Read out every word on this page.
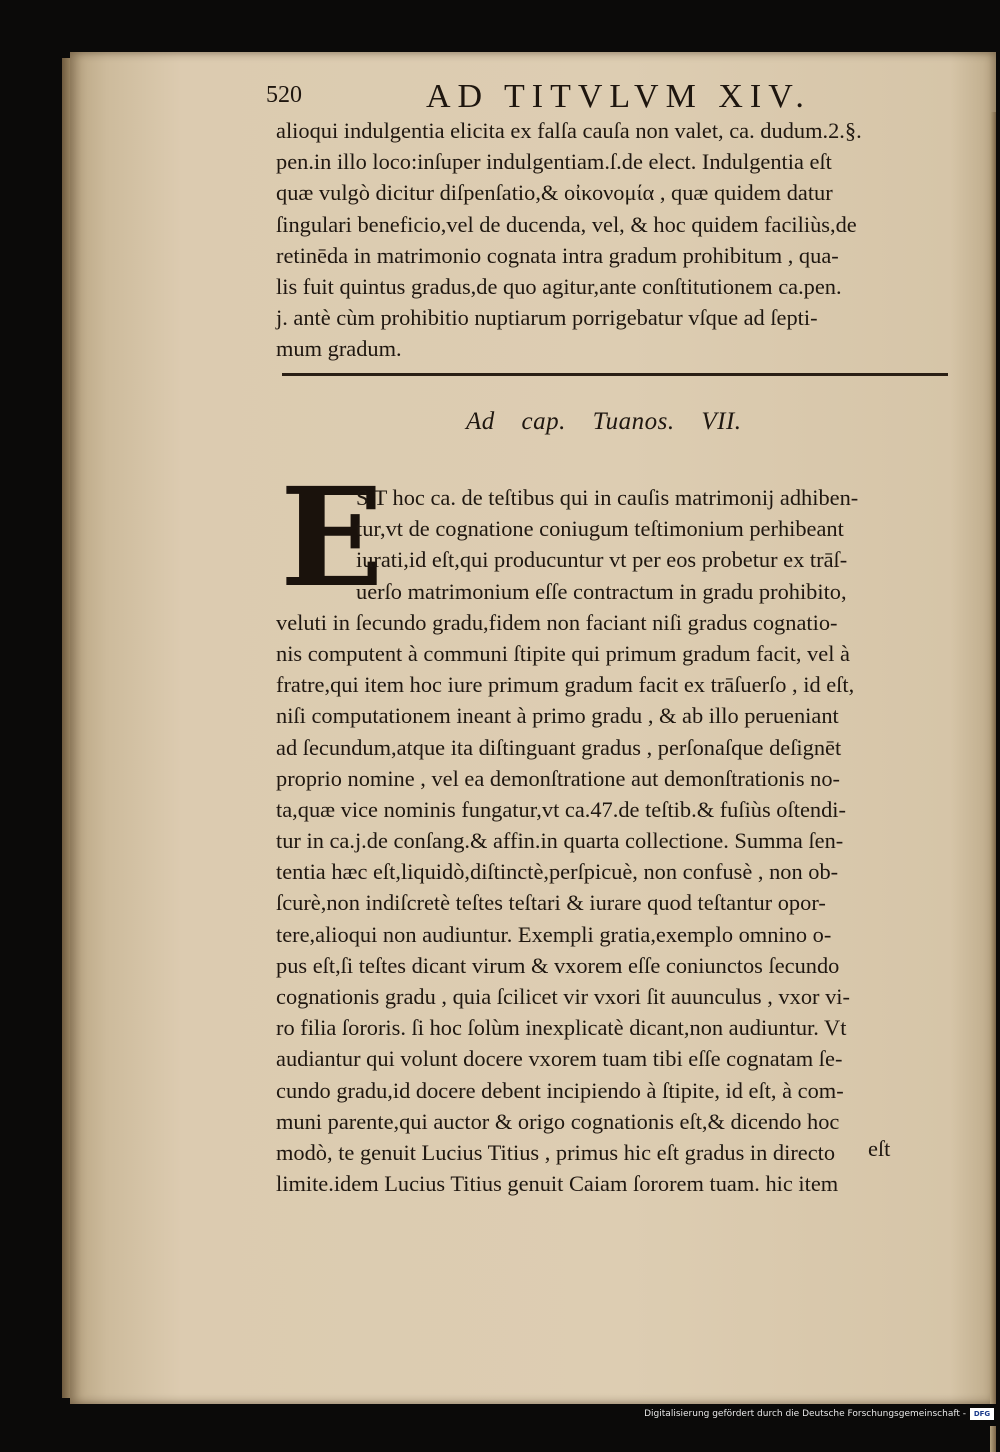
520	AD TITVLVM XIV.
alioqui indulgentia elicita ex falſa cauſa non valet, ca. dudum.2.§.
pen.in illo loco:inſuper indulgentiam.ſ.de elect. Indulgentia eſt
quæ vulgò dicitur diſpenſatio,& οἰκονομία , quæ quidem datur
ſingulari beneficio,vel de ducenda, vel, & hoc quidem faciliùs,de
retinēda in matrimonio cognata intra gradum prohibitum , qua-
lis fuit quintus gradus,de quo agitur,ante conſtitutionem ca.pen.
j. antè cùm prohibitio nuptiarum porrigebatur vſque ad ſepti-
mum gradum.
Ad cap. Tuanos. VII.
E
S T hoc ca. de teſtibus qui in cauſis matrimonij adhiben-
tur,vt de cognatione coniugum teſtimonium perhibeant
iurati,id eſt,qui producuntur vt per eos probetur ex trāſ-
uerſo matrimonium eſſe contractum in gradu prohibito,
veluti in ſecundo gradu,fidem non faciant niſi gradus cognatio-
nis computent à communi ſtipite qui primum gradum facit, vel à
fratre,qui item hoc iure primum gradum facit ex trāſuerſo , id eſt,
niſi computationem ineant à primo gradu , & ab illo perueniant
ad ſecundum,atque ita diſtinguant gradus , perſonaſque deſignēt
proprio nomine , vel ea demonſtratione aut demonſtrationis no-
ta,quæ vice nominis fungatur,vt ca.47.de teſtib.& fuſiùs oſtendi-
tur in ca.j.de conſang.& affin.in quarta collectione. Summa ſen-
tentia hæc eſt,liquidò,diſtinctè,perſpicuè, non confusè , non ob-
ſcurè,non indiſcretè teſtes teſtari & iurare quod teſtantur opor-
tere,alioqui non audiuntur. Exempli gratia,exemplo omnino o-
pus eſt,ſi teſtes dicant virum & vxorem eſſe coniunctos ſecundo
cognationis gradu , quia ſcilicet vir vxori ſit auunculus , vxor vi-
ro filia ſororis. ſi hoc ſolùm inexplicatè dicant,non audiuntur. Vt
audiantur qui volunt docere vxorem tuam tibi eſſe cognatam ſe-
cundo gradu,id docere debent incipiendo à ſtipite, id eſt, à com-
muni parente,qui auctor & origo cognationis eſt,& dicendo hoc
modò, te genuit Lucius Titius , primus hic eſt gradus in directo
limite.idem Lucius Titius genuit Caiam ſororem tuam. hic item
eſt
Digitalisierung gefördert durch die Deutsche Forschungsgemeinschaft -	DFG
